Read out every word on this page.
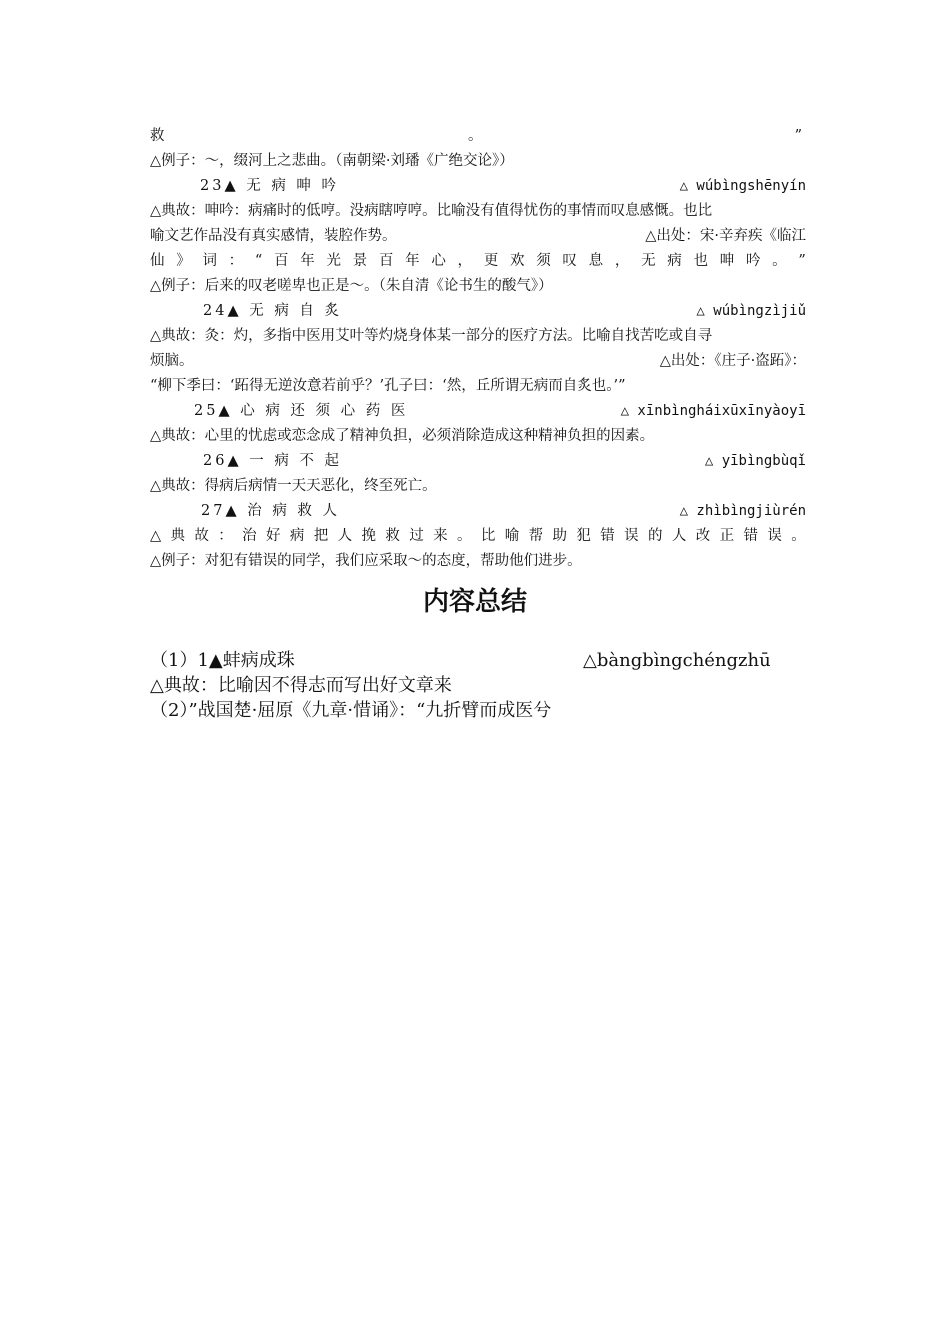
救	。	”
△例子：～，缀河上之悲曲。（南朝梁·刘璠《广绝交论》）
23▲ 无 病 呻 吟	△ wúbìngshēnyín
△典故：呻吟：病痛时的低哼。没病瞎哼哼。比喻没有值得忧伤的事情而叹息感慨。也比
喻文艺作品没有真实感情，装腔作势。	△出处：宋·辛弃疾《临江
仙 》 词 ： “ 百 年 光 景 百 年 心 ， 更 欢 须 叹 息 ， 无 病 也 呻 吟 。 ”
△例子：后来的叹老嗟卑也正是～。（朱自清《论书生的酸气》）
24▲ 无 病 自 炙	△ wúbìngzìjiǔ
△典故：灸：灼，多指中医用艾叶等灼烧身体某一部分的医疗方法。比喻自找苦吃或自寻
烦脑。	△出处：《庄子·盗跖》：
“柳下季曰：‘跖得无逆汝意若前乎？’孔子曰：‘然，丘所谓无病而自炙也。’”
25▲ 心 病 还 须 心 药 医	△ xīnbìngháixūxīnyàoyī
△典故：心里的忧虑或恋念成了精神负担，必须消除造成这种精神负担的因素。
26▲ 一 病 不 起	△ yībìngbùqǐ
△典故：得病后病情一天天恶化，终至死亡。
27▲ 治 病 救 人	△ zhìbìngjiùrén
△ 典 故 ： 治 好 病 把 人 挽 救 过 来 。 比 喻 帮 助 犯 错 误 的 人 改 正 错 误 。
△例子：对犯有错误的同学，我们应采取～的态度，帮助他们进步。
内容总结
（1）1▲蚌病成珠	△bàngbìngchéngzhū
△典故：比喻因不得志而写出好文章来
（2）”战国楚·屈原《九章·惜诵》：“九折臂而成医兮
